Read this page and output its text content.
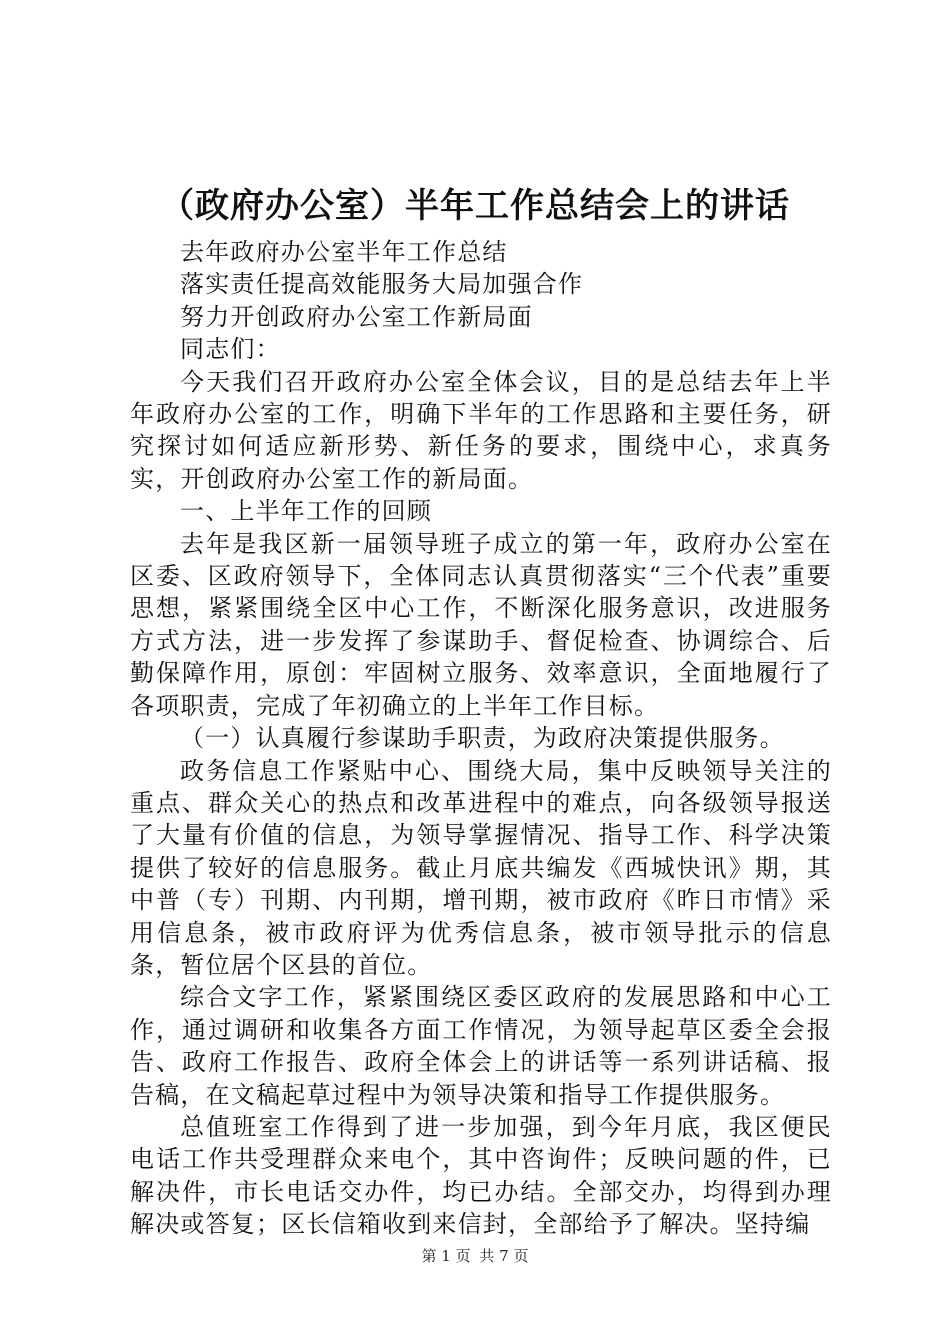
（政府办公室）半年工作总结会上的讲话

去年政府办公室半年工作总结

落实责任提高效能服务大局加强合作

努力开创政府办公室工作新局面

同志们：

今天我们召开政府办公室全体会议，目的是总结去年上半年政府办公室的工作，明确下半年的工作思路和主要任务，研究探讨如何适应新形势、新任务的要求，围绕中心，求真务实，开创政府办公室工作的新局面。

一、上半年工作的回顾

去年是我区新一届领导班子成立的第一年，政府办公室在区委、区政府领导下，全体同志认真贯彻落实“三个代表”重要思想，紧紧围绕全区中心工作，不断深化服务意识，改进服务方式方法，进一步发挥了参谋助手、督促检查、协调综合、后勤保障作用，原创：牢固树立服务、效率意识，全面地履行了各项职责，完成了年初确立的上半年工作目标。

（一）认真履行参谋助手职责，为政府决策提供服务。

政务信息工作紧贴中心、围绕大局，集中反映领导关注的重点、群众关心的热点和改革进程中的难点，向各级领导报送了大量有价值的信息，为领导掌握情况、指导工作、科学决策提供了较好的信息服务。截止月底共编发《西城快讯》期，其中普（专）刊期、内刊期，增刊期，被市政府《昨日市情》采用信息条，被市政府评为优秀信息条，被市领导批示的信息条，暂位居个区县的首位。

综合文字工作，紧紧围绕区委区政府的发展思路和中心工作，通过调研和收集各方面工作情况，为领导起草区委全会报告、政府工作报告、政府全体会上的讲话等一系列讲话稿、报告稿，在文稿起草过程中为领导决策和指导工作提供服务。

总值班室工作得到了进一步加强，到今年月底，我区便民电话工作共受理群众来电个，其中咨询件；反映问题的件，已解决件，市长电话交办件，均已办结。全部交办，均得到办理解决或答复；区长信箱收到来信封，全部给予了解决。坚持编

第 1 页 共 7 页
